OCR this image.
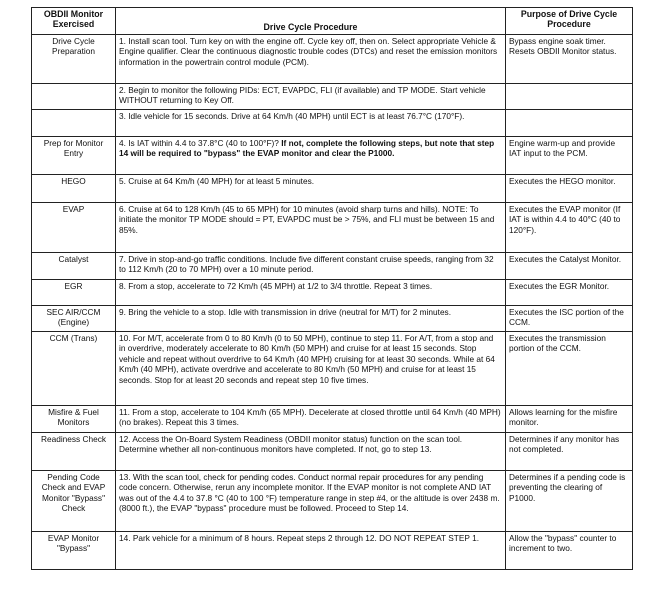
OBDII Monitor Exercised	Drive Cycle Procedure	Purpose of Drive Cycle Procedure
Drive Cycle Preparation	1. Install scan tool. Turn key on with the engine off. Cycle key off, then on. Select appropriate Vehicle & Engine qualifier. Clear the continuous diagnostic trouble codes (DTCs) and reset the emission monitors information in the powertrain control module (PCM).	Bypass engine soak timer. Resets OBDII Monitor status.
	2. Begin to monitor the following PIDs: ECT, EVAPDC, FLI (if available) and TP MODE. Start vehicle WITHOUT returning to Key Off.	
	3. Idle vehicle for 15 seconds. Drive at 64 Km/h (40 MPH) until ECT is at least 76.7°C (170°F).	
Prep for Monitor Entry	4. Is IAT within 4.4 to 37.8°C (40 to 100°F)? If not, complete the following steps, but note that step 14 will be required to "bypass" the EVAP monitor and clear the P1000.	Engine warm-up and provide IAT input to the PCM.
HEGO	5. Cruise at 64 Km/h (40 MPH) for at least 5 minutes.	Executes the HEGO monitor.
EVAP	6. Cruise at 64 to 128 Km/h (45 to 65 MPH) for 10 minutes (avoid sharp turns and hills). NOTE: To initiate the monitor TP MODE should = PT, EVAPDC must be > 75%, and FLI must be between 15 and 85%.	Executes the EVAP monitor (If IAT is within 4.4 to 40°C (40 to 120°F).
Catalyst	7. Drive in stop-and-go traffic conditions. Include five different constant cruise speeds, ranging from 32 to 112 Km/h (20 to 70 MPH) over a 10 minute period.	Executes the Catalyst Monitor.
EGR	8. From a stop, accelerate to 72 Km/h (45 MPH) at 1/2 to 3/4 throttle. Repeat 3 times.	Executes the EGR Monitor.
SEC AIR/CCM (Engine)	9. Bring the vehicle to a stop. Idle with transmission in drive (neutral for M/T) for 2 minutes.	Executes the ISC portion of the CCM.
CCM (Trans)	10. For M/T, accelerate from 0 to 80 Km/h (0 to 50 MPH), continue to step 11. For A/T, from a stop and in overdrive, moderately accelerate to 80 Km/h (50 MPH) and cruise for at least 15 seconds. Stop vehicle and repeat without overdrive to 64 Km/h (40 MPH) cruising for at least 30 seconds. While at 64 Km/h (40 MPH), activate overdrive and accelerate to 80 Km/h (50 MPH) and cruise for at least 15 seconds. Stop for at least 20 seconds and repeat step 10 five times.	Executes the transmission portion of the CCM.
Misfire & Fuel Monitors	11. From a stop, accelerate to 104 Km/h (65 MPH). Decelerate at closed throttle until 64 Km/h (40 MPH) (no brakes). Repeat this 3 times.	Allows learning for the misfire monitor.
Readiness Check	12. Access the On-Board System Readiness (OBDII monitor status) function on the scan tool. Determine whether all non-continuous monitors have completed. If not, go to step 13.	Determines if any monitor has not completed.
Pending Code Check and EVAP Monitor "Bypass" Check	13. With the scan tool, check for pending codes. Conduct normal repair procedures for any pending code concern. Otherwise, rerun any incomplete monitor. If the EVAP monitor is not complete AND IAT was out of the 4.4 to 37.8 °C (40 to 100 °F) temperature range in step #4, or the altitude is over 2438 m. (8000 ft.), the EVAP "bypass" procedure must be followed. Proceed to Step 14.	Determines if a pending code is preventing the clearing of P1000.
EVAP Monitor "Bypass"	14. Park vehicle for a minimum of 8 hours. Repeat steps 2 through 12. DO NOT REPEAT STEP 1.	Allow the "bypass" counter to increment to two.
